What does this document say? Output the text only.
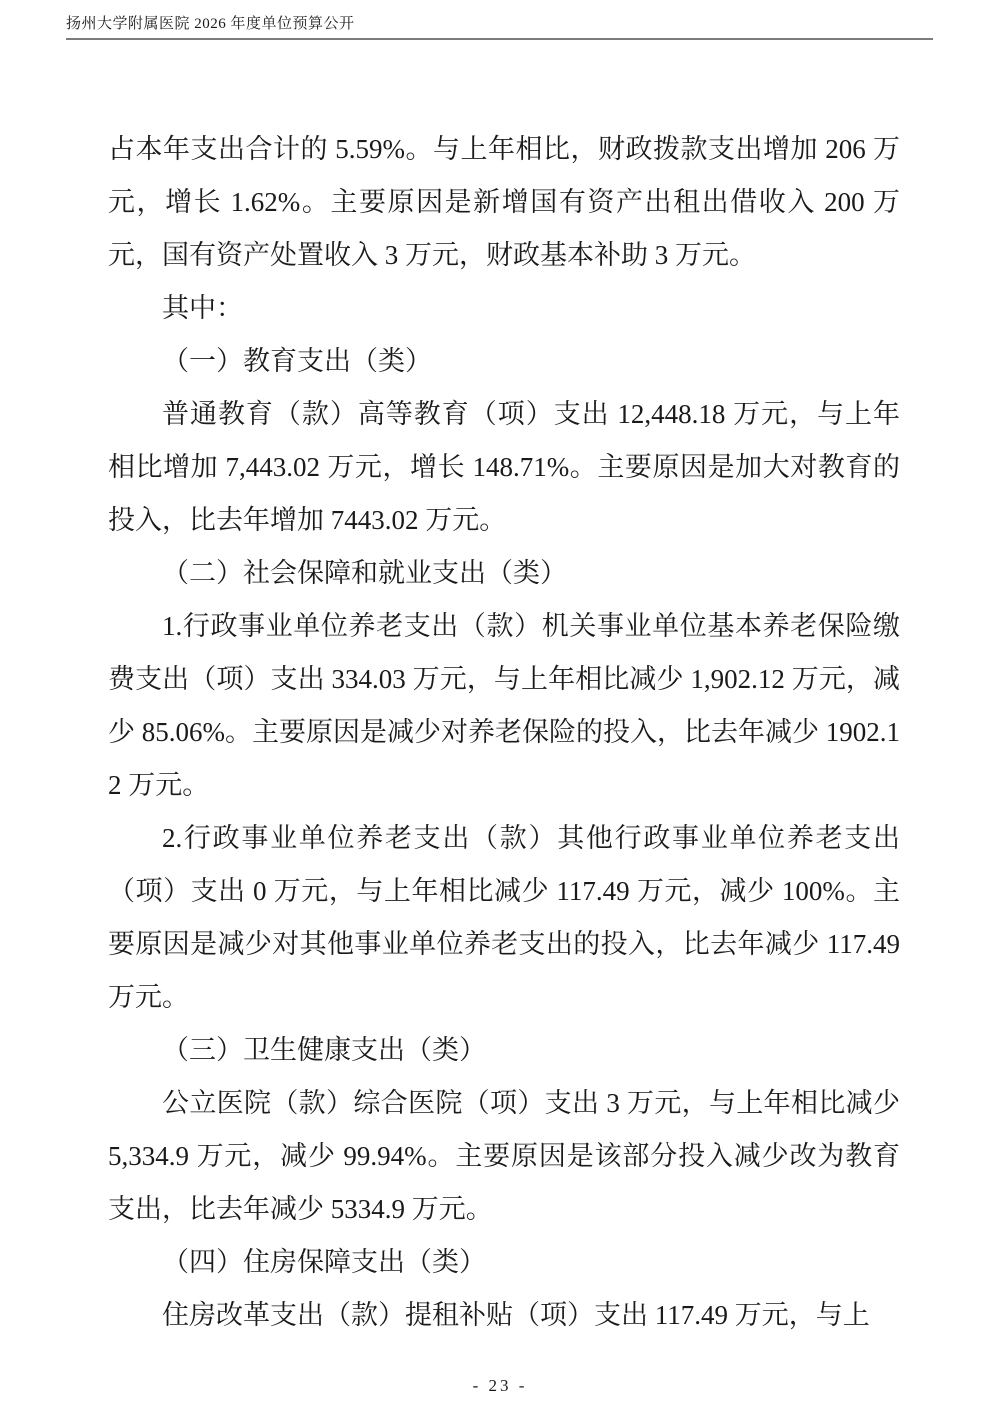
扬州大学附属医院 2026 年度单位预算公开

占本年支出合计的 5.59%。与上年相比，财政拨款支出增加 206 万元，增长 1.62%。主要原因是新增国有资产出租出借收入 200 万元，国有资产处置收入 3 万元，财政基本补助 3 万元。

其中：

（一）教育支出（类）

普通教育（款）高等教育（项）支出 12,448.18 万元，与上年相比增加 7,443.02 万元，增长 148.71%。主要原因是加大对教育的投入，比去年增加 7443.02 万元。

（二）社会保障和就业支出（类）

1.行政事业单位养老支出（款）机关事业单位基本养老保险缴费支出（项）支出 334.03 万元，与上年相比减少 1,902.12 万元，减少 85.06%。主要原因是减少对养老保险的投入，比去年减少 1902.12 万元。

2.行政事业单位养老支出（款）其他行政事业单位养老支出（项）支出 0 万元，与上年相比减少 117.49 万元，减少 100%。主要原因是减少对其他事业单位养老支出的投入，比去年减少 117.49 万元。

（三）卫生健康支出（类）

公立医院（款）综合医院（项）支出 3 万元，与上年相比减少 5,334.9 万元，减少 99.94%。主要原因是该部分投入减少改为教育支出，比去年减少 5334.9 万元。

（四）住房保障支出（类）

住房改革支出（款）提租补贴（项）支出 117.49 万元，与上

- 23 -
